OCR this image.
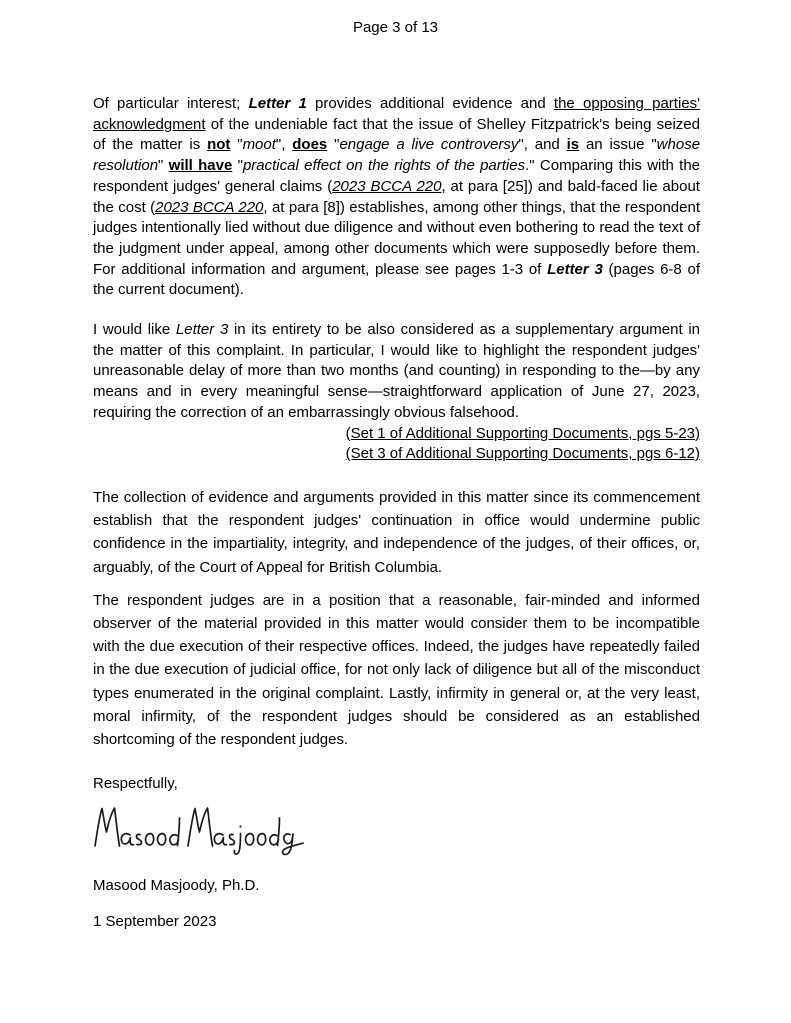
Page 3 of 13

Of particular interest; Letter 1 provides additional evidence and the opposing parties' acknowledgment of the undeniable fact that the issue of Shelley Fitzpatrick's being seized of the matter is not "moot", does "engage a live controversy", and is an issue "whose resolution" will have "practical effect on the rights of the parties." Comparing this with the respondent judges' general claims (2023 BCCA 220, at para [25]) and bald-faced lie about the cost (2023 BCCA 220, at para [8]) establishes, among other things, that the respondent judges intentionally lied without due diligence and without even bothering to read the text of the judgment under appeal, among other documents which were supposedly before them. For additional information and argument, please see pages 1-3 of Letter 3 (pages 6-8 of the current document).

I would like Letter 3 in its entirety to be also considered as a supplementary argument in the matter of this complaint. In particular, I would like to highlight the respondent judges' unreasonable delay of more than two months (and counting) in responding to the—by any means and in every meaningful sense—straightforward application of June 27, 2023, requiring the correction of an embarrassingly obvious falsehood.

(Set 1 of Additional Supporting Documents, pgs 5-23)
(Set 3 of Additional Supporting Documents, pgs 6-12)

The collection of evidence and arguments provided in this matter since its commencement establish that the respondent judges' continuation in office would undermine public confidence in the impartiality, integrity, and independence of the judges, of their offices, or, arguably, of the Court of Appeal for British Columbia.

The respondent judges are in a position that a reasonable, fair-minded and informed observer of the material provided in this matter would consider them to be incompatible with the due execution of their respective offices. Indeed, the judges have repeatedly failed in the due execution of judicial office, for not only lack of diligence but all of the misconduct types enumerated in the original complaint. Lastly, infirmity in general or, at the very least, moral infirmity, of the respondent judges should be considered as an established shortcoming of the respondent judges.

Respectfully,
Masood Masjoody, Ph.D.
1 September 2023
